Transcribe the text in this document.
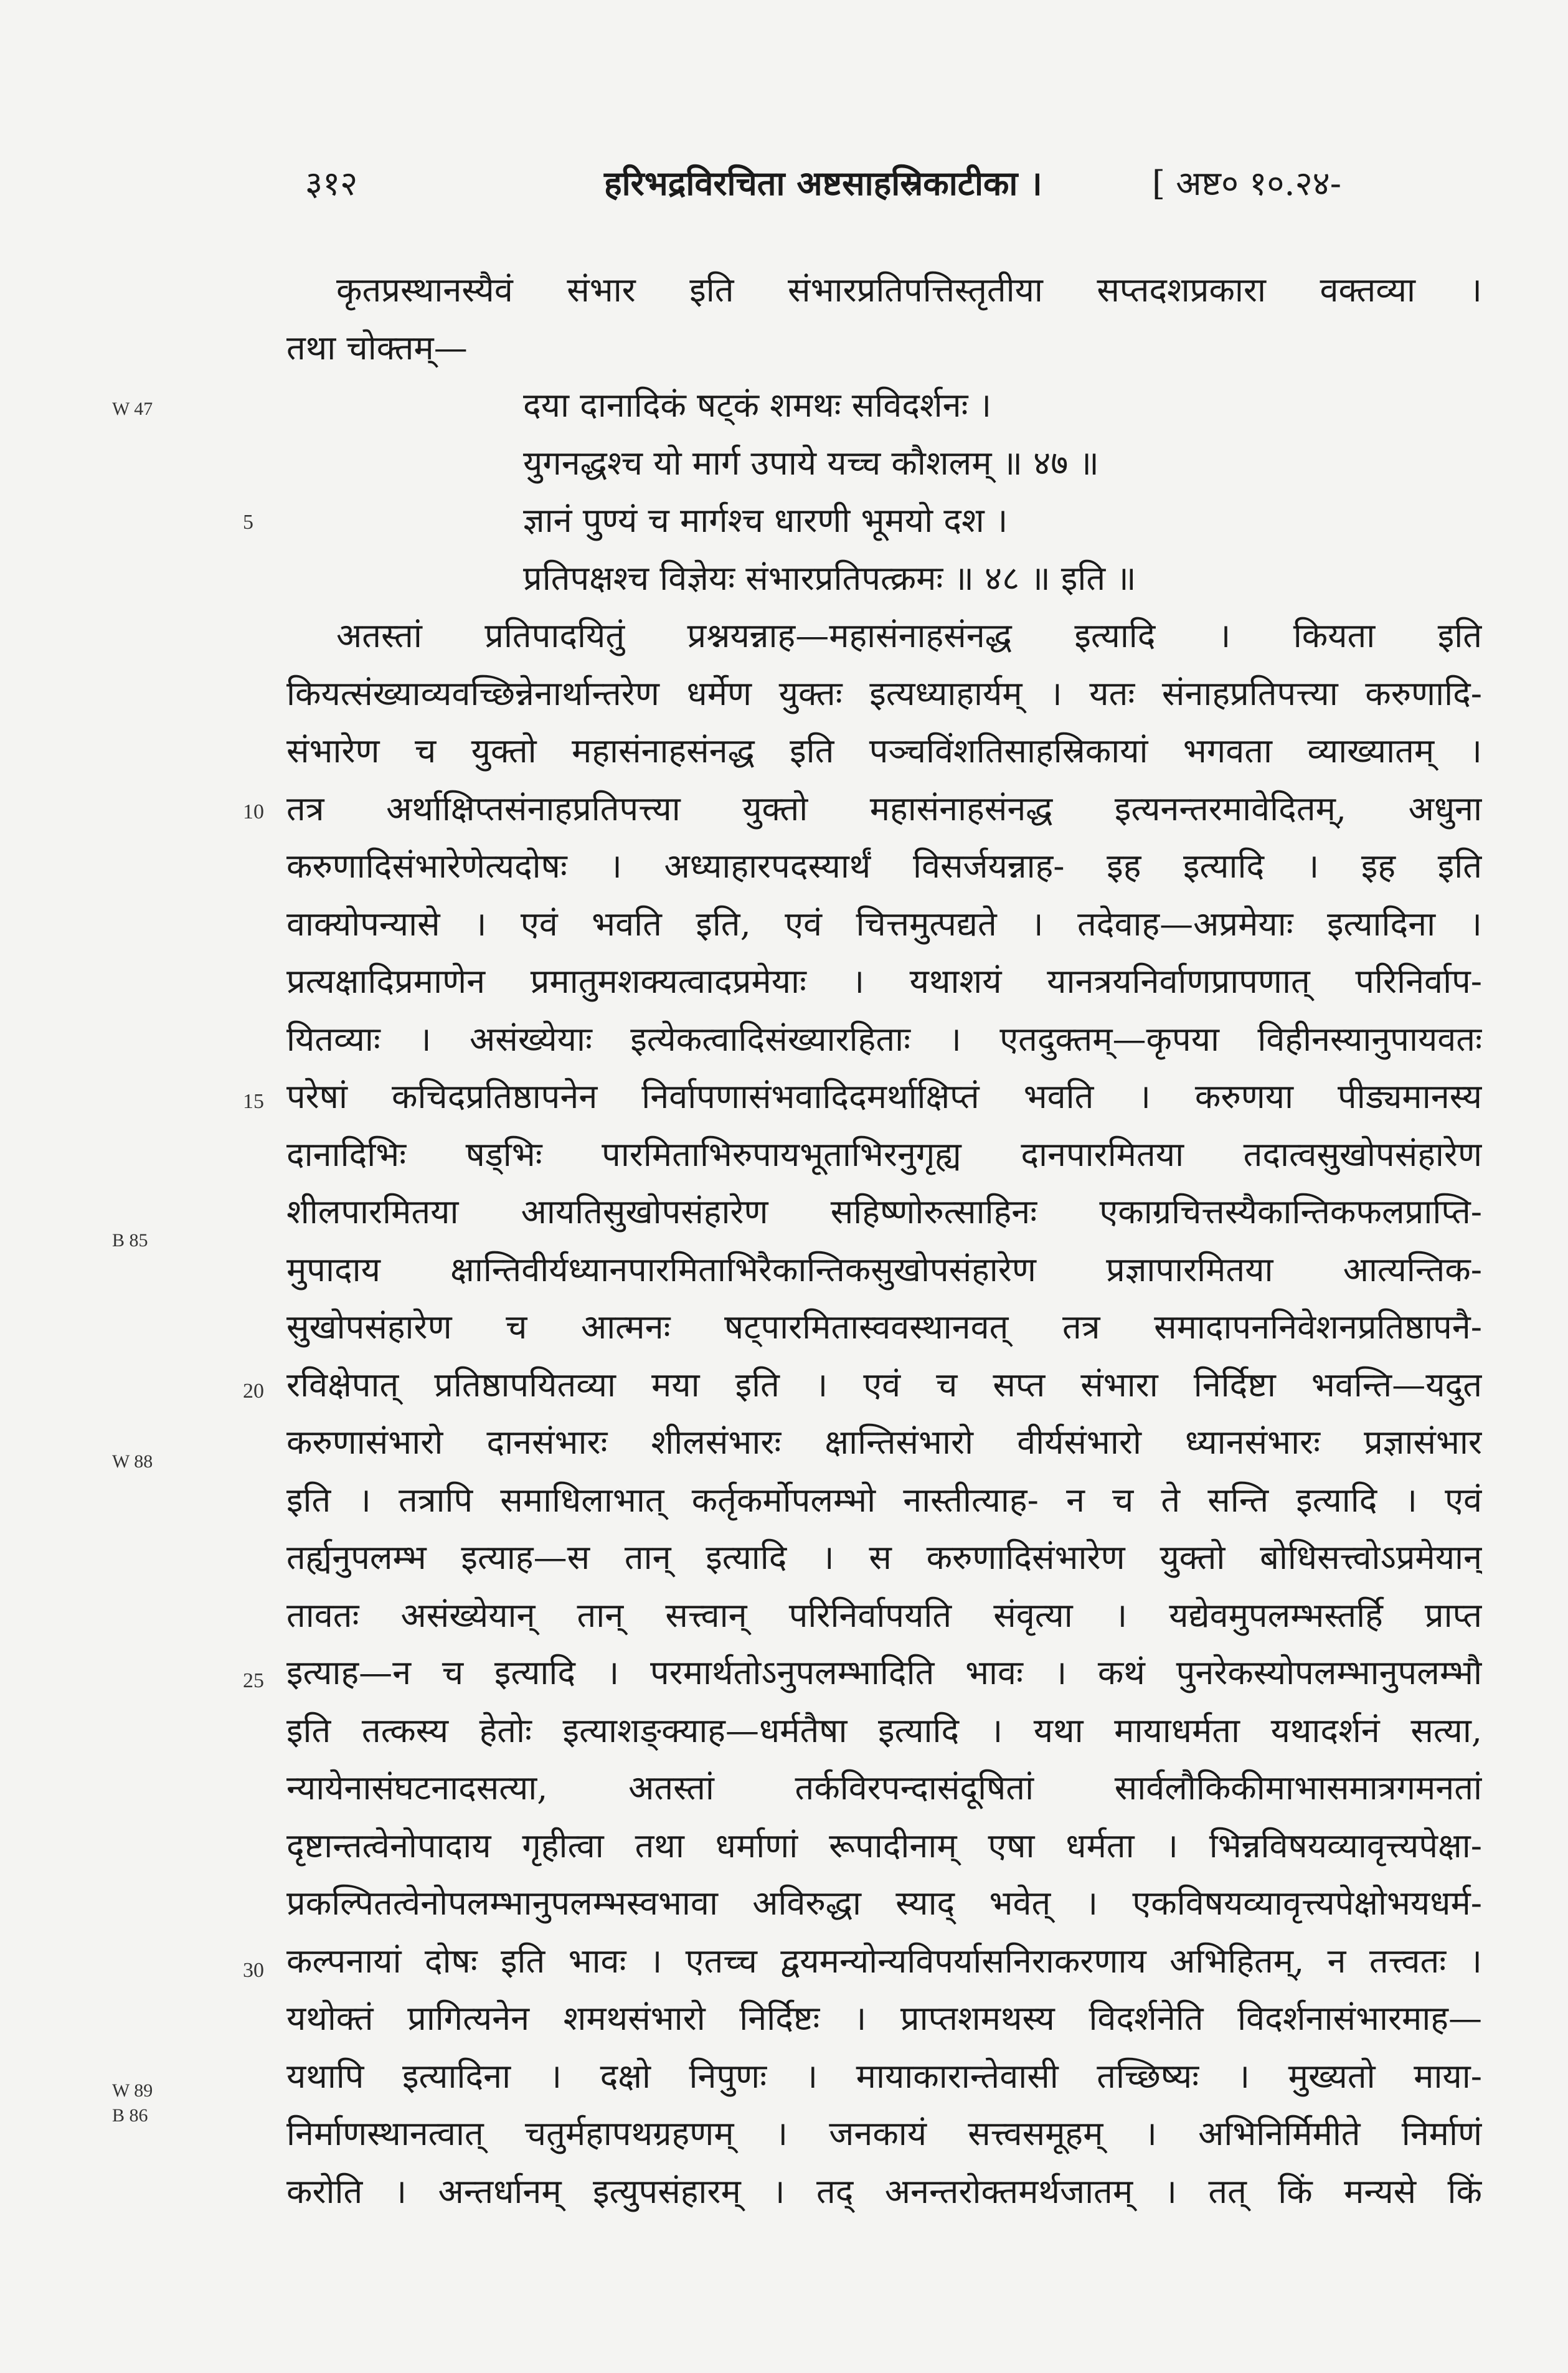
३१२	हरिभद्रविरचिता अष्टसाहस्रिकाटीका ।	[ अष्ट० १०.२४-
W 47
B 85
W 88
W 89
B 86
5
10
15
20
25
30
कृतप्रस्थानस्यैवं संभार इति संभारप्रतिपत्तिस्तृतीया सप्तदशप्रकारा वक्तव्या ।
तथा चोक्तम्—
दया दानादिकं षट्कं शमथः सविदर्शनः ।
युगनद्धश्च यो मार्ग उपाये यच्च कौशलम् ॥ ४७ ॥
ज्ञानं पुण्यं च मार्गश्च धारणी भूमयो दश ।
प्रतिपक्षश्च विज्ञेयः संभारप्रतिपत्क्रमः ॥ ४८ ॥ इति ॥
अतस्तां प्रतिपादयितुं प्रश्नयन्नाह—महासंनाहसंनद्ध इत्यादि । कियता इति
कियत्संख्याव्यवच्छिन्नेनार्थान्तरेण धर्मेण युक्तः इत्यध्याहार्यम् । यतः संनाहप्रतिपत्त्या करुणादि-
संभारेण च युक्तो महासंनाहसंनद्ध इति पञ्चविंशतिसाहस्रिकायां भगवता व्याख्यातम् ।
तत्र अर्थाक्षिप्तसंनाहप्रतिपत्त्या युक्तो महासंनाहसंनद्ध इत्यनन्तरमावेदितम्, अधुना
करुणादिसंभारेणेत्यदोषः । अध्याहारपदस्यार्थं विसर्जयन्नाह- इह इत्यादि । इह इति
वाक्योपन्यासे । एवं भवति इति, एवं चित्तमुत्पद्यते । तदेवाह—अप्रमेयाः इत्यादिना ।
प्रत्यक्षादिप्रमाणेन प्रमातुमशक्यत्वादप्रमेयाः । यथाशयं यानत्रयनिर्वाणप्रापणात् परिनिर्वाप-
यितव्याः । असंख्येयाः इत्येकत्वादिसंख्यारहिताः । एतदुक्तम्—कृपया विहीनस्यानुपायवतः
परेषां कचिदप्रतिष्ठापनेन निर्वापणासंभवादिदमर्थाक्षिप्तं भवति । करुणया पीड्यमानस्य
दानादिभिः षड्भिः पारमिताभिरुपायभूताभिरनुगृह्य दानपारमितया तदात्वसुखोपसंहारेण
शीलपारमितया आयतिसुखोपसंहारेण सहिष्णोरुत्साहिनः एकाग्रचित्तस्यैकान्तिकफलप्राप्ति-
मुपादाय क्षान्तिवीर्यध्यानपारमिताभिरैकान्तिकसुखोपसंहारेण प्रज्ञापारमितया आत्यन्तिक-
सुखोपसंहारेण च आत्मनः षट्पारमितास्ववस्थानवत् तत्र समादापननिवेशनप्रतिष्ठापनै-
रविक्षेपात् प्रतिष्ठापयितव्या मया इति । एवं च सप्त संभारा निर्दिष्टा भवन्ति—यदुत
करुणासंभारो दानसंभारः शीलसंभारः क्षान्तिसंभारो वीर्यसंभारो ध्यानसंभारः प्रज्ञासंभार
इति । तत्रापि समाधिलाभात् कर्तृकर्मोपलम्भो नास्तीत्याह- न च ते सन्ति इत्यादि । एवं
तर्ह्यनुपलम्भ इत्याह—स तान् इत्यादि । स करुणादिसंभारेण युक्तो बोधिसत्त्वोऽप्रमेयान्
तावतः असंख्येयान् तान् सत्त्वान् परिनिर्वापयति संवृत्या । यद्येवमुपलम्भस्तर्हि प्राप्त
इत्याह—न च इत्यादि । परमार्थतोऽनुपलम्भादिति भावः । कथं पुनरेकस्योपलम्भानुपलम्भौ
इति तत्कस्य हेतोः इत्याशङ्क्याह—धर्मतैषा इत्यादि । यथा मायाधर्मता यथादर्शनं सत्या,
न्यायेनासंघटनादसत्या, अतस्तां तर्कविरपन्दासंदूषितां सार्वलौकिकीमाभासमात्रगमनतां
दृष्टान्तत्वेनोपादाय गृहीत्वा तथा धर्माणां रूपादीनाम् एषा धर्मता । भिन्नविषयव्यावृत्त्यपेक्षा-
प्रकल्पितत्वेनोपलम्भानुपलम्भस्वभावा अविरुद्धा स्याद् भवेत् । एकविषयव्यावृत्त्यपेक्षोभयधर्म-
कल्पनायां दोषः इति भावः । एतच्च द्वयमन्योन्यविपर्यासनिराकरणाय अभिहितम्, न तत्त्वतः ।
यथोक्तं प्रागित्यनेन शमथसंभारो निर्दिष्टः । प्राप्तशमथस्य विदर्शनेति विदर्शनासंभारमाह—
यथापि इत्यादिना । दक्षो निपुणः । मायाकारान्तेवासी तच्छिष्यः । मुख्यतो माया-
निर्माणस्थानत्वात् चतुर्महापथग्रहणम् । जनकायं सत्त्वसमूहम् । अभिनिर्मिमीते निर्माणं
करोति । अन्तर्धानम् इत्युपसंहारम् । तद् अनन्तरोक्तमर्थजातम् । तत् किं मन्यसे किं
